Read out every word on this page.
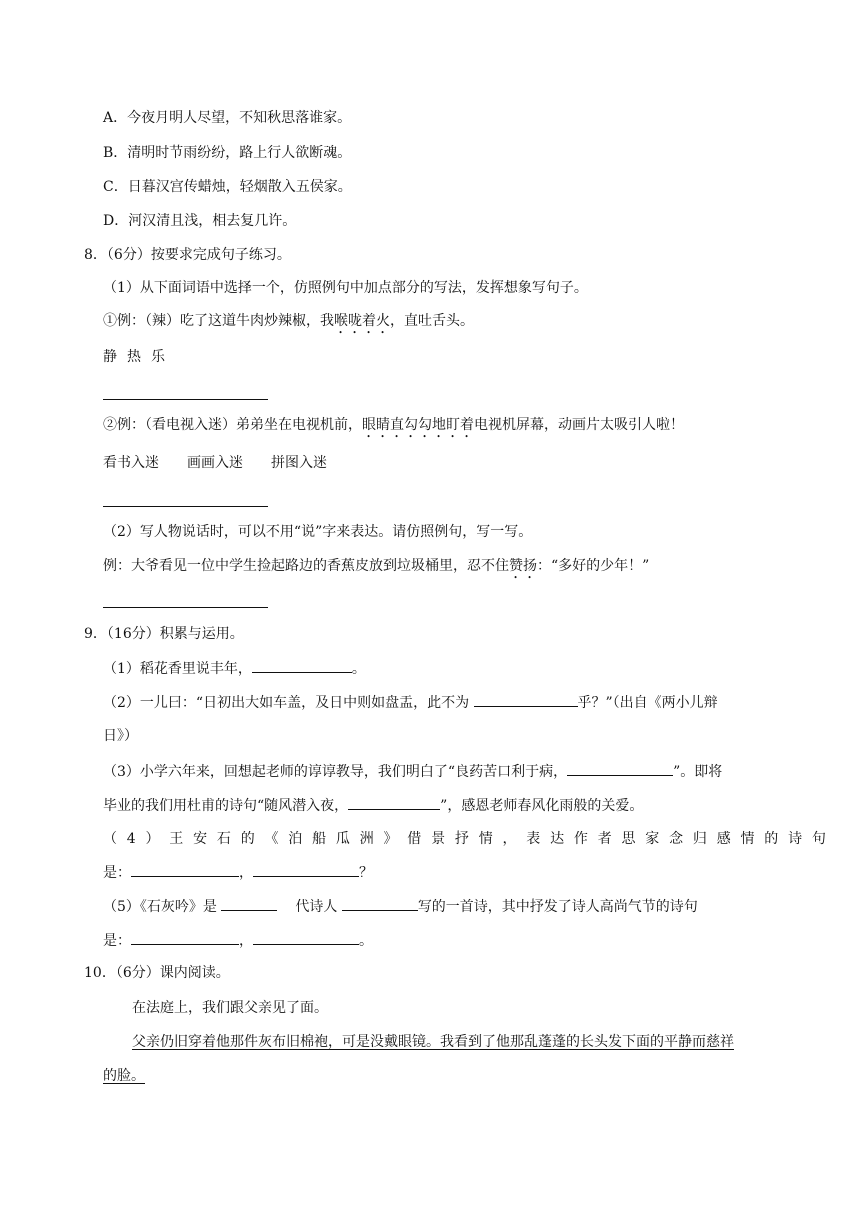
A．今夜月明人尽望，不知秋思落谁家。
B．清明时节雨纷纷，路上行人欲断魂。
C．日暮汉宫传蜡烛，轻烟散入五侯家。
D．河汉清且浅，相去复几许。
8．（6分）按要求完成句子练习。
（1）从下面词语中选择一个，仿照例句中加点部分的写法，发挥想象写句子。
①例：（辣）吃了这道牛肉炒辣椒，我喉咙着火，直吐舌头。
静 热 乐
②例：（看电视入迷）弟弟坐在电视机前，眼睛直勾勾地盯着电视机屏幕，动画片太吸引人啦！
看书入迷 画画入迷 拼图入迷
（2）写人物说话时，可以不用“说”字来表达。请仿照例句，写一写。
例：大爷看见一位中学生捡起路边的香蕉皮放到垃圾桶里，忍不住赞扬：“多好的少年！”
9．（16分）积累与运用。
（1）稻花香里说丰年，	。
（2）一儿曰：“日初出大如车盖，及日中则如盘盂，此不为	乎？”（出自《两小儿辩
日》）
（3）小学六年来，回想起老师的谆谆教导，我们明白了“良药苦口利于病，	”。即将
毕业的我们用杜甫的诗句“随风潜入夜，	”，感恩老师春风化雨般的关爱。
（4）王安石的《泊船瓜洲》借景抒情，表达作者思家念归感情的诗句
是：	，	？
（5）《石灰吟》是	代诗人	写的一首诗，其中抒发了诗人高尚气节的诗句
是：	，	。
10．（6分）课内阅读。
在法庭上，我们跟父亲见了面。
父亲仍旧穿着他那件灰布旧棉袍，可是没戴眼镜。我看到了他那乱蓬蓬的长头发下面的平静而慈祥
的脸。
